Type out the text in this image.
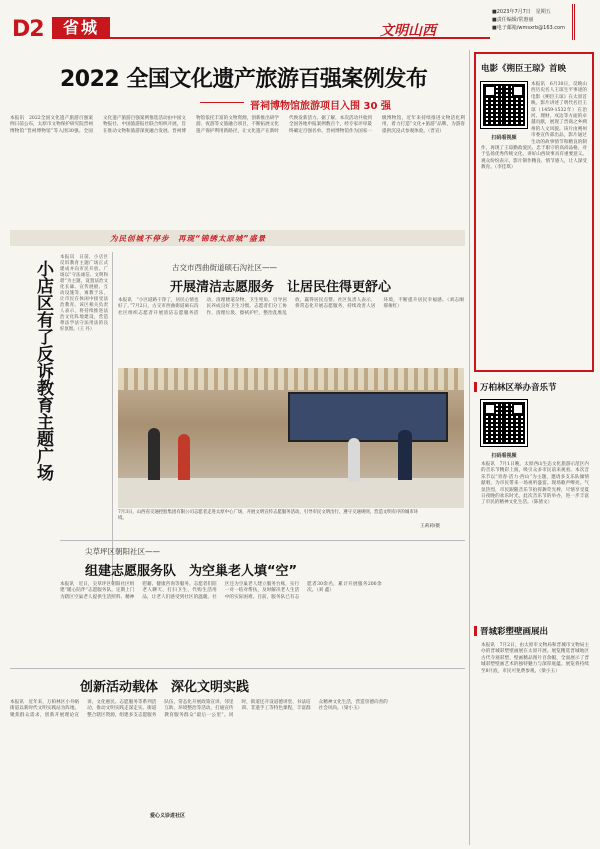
D2	省城	文明山西
■2023年7月7日　星期五
■责任编辑/常惠丽
■电子邮箱/wmsxrb@163.com
2022 全国文化遗产旅游百强案例发布
晋祠博物馆旅游项目入围 30 强
本报讯　2022全国文化遗产旅游百强案例日前公布，太原市文物保护研究院晋祠博物馆“晋祠博物馆”等入围30强。全国文化遗产旅游百强案例推选活动由中国文物报社、中国旅游报社联合组织开展，旨在推动文物和旅游深度融合发展。晋祠博物馆依托丰富的文物资源，创新推出研学游、夜游等文旅融合项目，不断拓展文化遗产保护利用新路径，让文化遗产在新时代焕发新活力。据了解，本次活动共收到全国各地申报案例数百个，经专家评审最终确定百强名单。晋祠博物馆作为国家一级博物馆，近年来持续推进文物活化利用，着力打造“文化+旅游”品牌，为游客提供沉浸式参观体验。（晋宣）
为民创城不停步　再现“锦绣太原城”盛景
小店区有了反诉教育主题广场
本报讯　日前，小店区反诉教育主题广场正式建成并向市民开放。广场以“守法诚信、文明和谐”为主题，设置法治文化长廊、宣传展板、互动设施等，寓教于乐，让市民在休闲中接受法治教育。该区相关负责人表示，将持续推进法治文化阵地建设，营造尊法学法守法用法的良好氛围。（王 丹）
古交市西曲街道硕石沟社区——
开展清洁志愿服务　让居民住得更舒心
本报讯　“小区道路干净了，居民心情也好了。”7月2日，古交市西曲街道硕石沟社区组织志愿者开展清洁志愿服务活动，清理楼道杂物、卫生死角，引导居民养成良好卫生习惯。志愿者们分工协作，清理垃圾、擦拭护栏，整治乱堆乱放，赢得居民点赞。社区负责人表示，将常态化开展志愿服务，持续改善人居环境，不断提升居民幸福感。（刘志刚　郝俊红）
7月3日，山西省交通控股集团有限公司志愿者走进太原中心广场，开展文明宣传志愿服务活动，引导市民文明出行、遵守交通规则，营造文明有序的城市环境。
王莉莉/摄
尖草坪区朝阳社区——
组建志愿服务队　为空巢老人填“空”
本报讯　近日，尖草坪区朝阳社区组建“暖心陪伴”志愿服务队，定期上门为辖区空巢老人提供生活照料、精神慰藉、健康咨询等服务。志愿者们陪老人聊天、打扫卫生、代购生活用品，让老人们感受到社区的温暖。社区还为空巢老人建立服务台账，实行一对一结对帮扶，及时解决老人生活中的实际困难。目前，服务队已有志愿者30余名，累计开展服务200余次。（刘 鑫）
创新活动载体　深化文明实践
本报讯　近年来，万柏林区小井峪街道以新时代文明实践站为阵地，聚焦群众需求，创新开展理论宣讲、文化惠民、志愿服务等系列活动，推动文明实践走深走实。街道整合辖区资源，组建多支志愿服务队伍，常态化开展政策宣讲、邻里互助、环境整治等活动，打通宣传教育服务群众“最后一公里”。同时，街道还开设道德讲堂、书法培训、非遗手工等特色课程，丰富群众精神文化生活，营造崇德向善的社会风尚。（梁小玉）
爱心义诊进社区
电影《朔臣王琼》首映
扫码看视频
本报讯　6月30日，反映山西历史名人王琼生平事迹的电影《朔臣王琼》在太原首映。影片讲述了明代名臣王琼（1459-1532年）在治河、理财、戍边等方面的卓越贡献，展现了晋商之乡朔州的人文风貌。该片由朔州市委宣传部出品，影片通过生动的故事情节和精良的制作，再现了王琼勤政爱民、忠于职守的高尚品格，对于弘扬优秀传统文化、讲好山西故事具有重要意义。观众纷纷表示，影片制作精良、情节感人，让人深受教育。（李佳琪）
万柏林区举办音乐节
扫码看视频
本报讯　7月1日晚，太原西山生态文化旅游示范区内的音乐节精彩上演，吸引众多市民前来观看。本次音乐节以“青春·活力·西山”为主题，邀请多支乐队倾情献唱，为市民带来一场视听盛宴。现场歌声嘹亮、气氛热烈，市民跟随音乐节拍挥舞荧光棒，尽情享受夏日夜晚的欢乐时光。此次音乐节的举办，进一步丰富了市民的精神文化生活。（陈倩文）
晋城彩塑壁画展出
本报讯　7月2日，由太原市文物局和晋城市文物局主办的晋城彩塑壁画展在太原开展。展览精选晋城地区古代寺观彩塑、壁画精品图片百余幅，全面展示了晋城彩塑壁画艺术的独特魅力与深厚底蕴。展览将持续至8月底，市民可免费参观。（梁小玉）
